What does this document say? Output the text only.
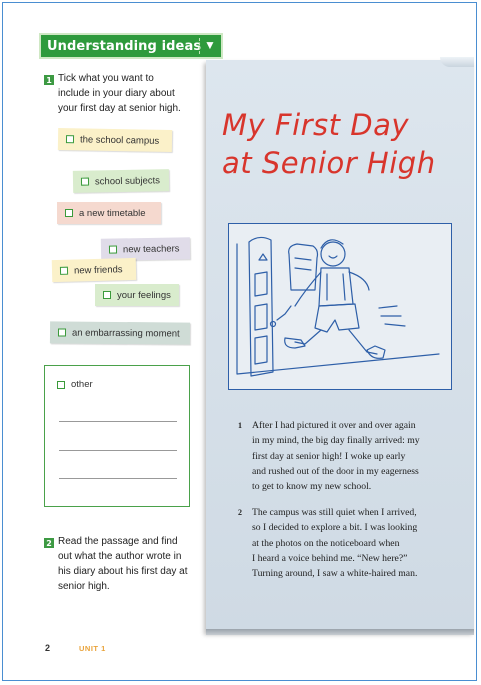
Understanding ideas ▼
1 Tick what you want to
include in your diary about
your first day at senior high.
the school campus
school subjects
a new timetable
new teachers
new friends
your feelings
an embarrassing moment
other
2 Read the passage and find
out what the author wrote in
his diary about his first day at
senior high.
My First Day
at Senior High
1 After I had pictured it over and over again
in my mind, the big day finally arrived: my
first day at senior high! I woke up early
and rushed out of the door in my eagerness
to get to know my new school.
2 The campus was still quiet when I arrived,
so I decided to explore a bit. I was looking
at the photos on the noticeboard when
I heard a voice behind me. “New here?”
Turning around, I saw a white-haired man.
2	UNIT 1
